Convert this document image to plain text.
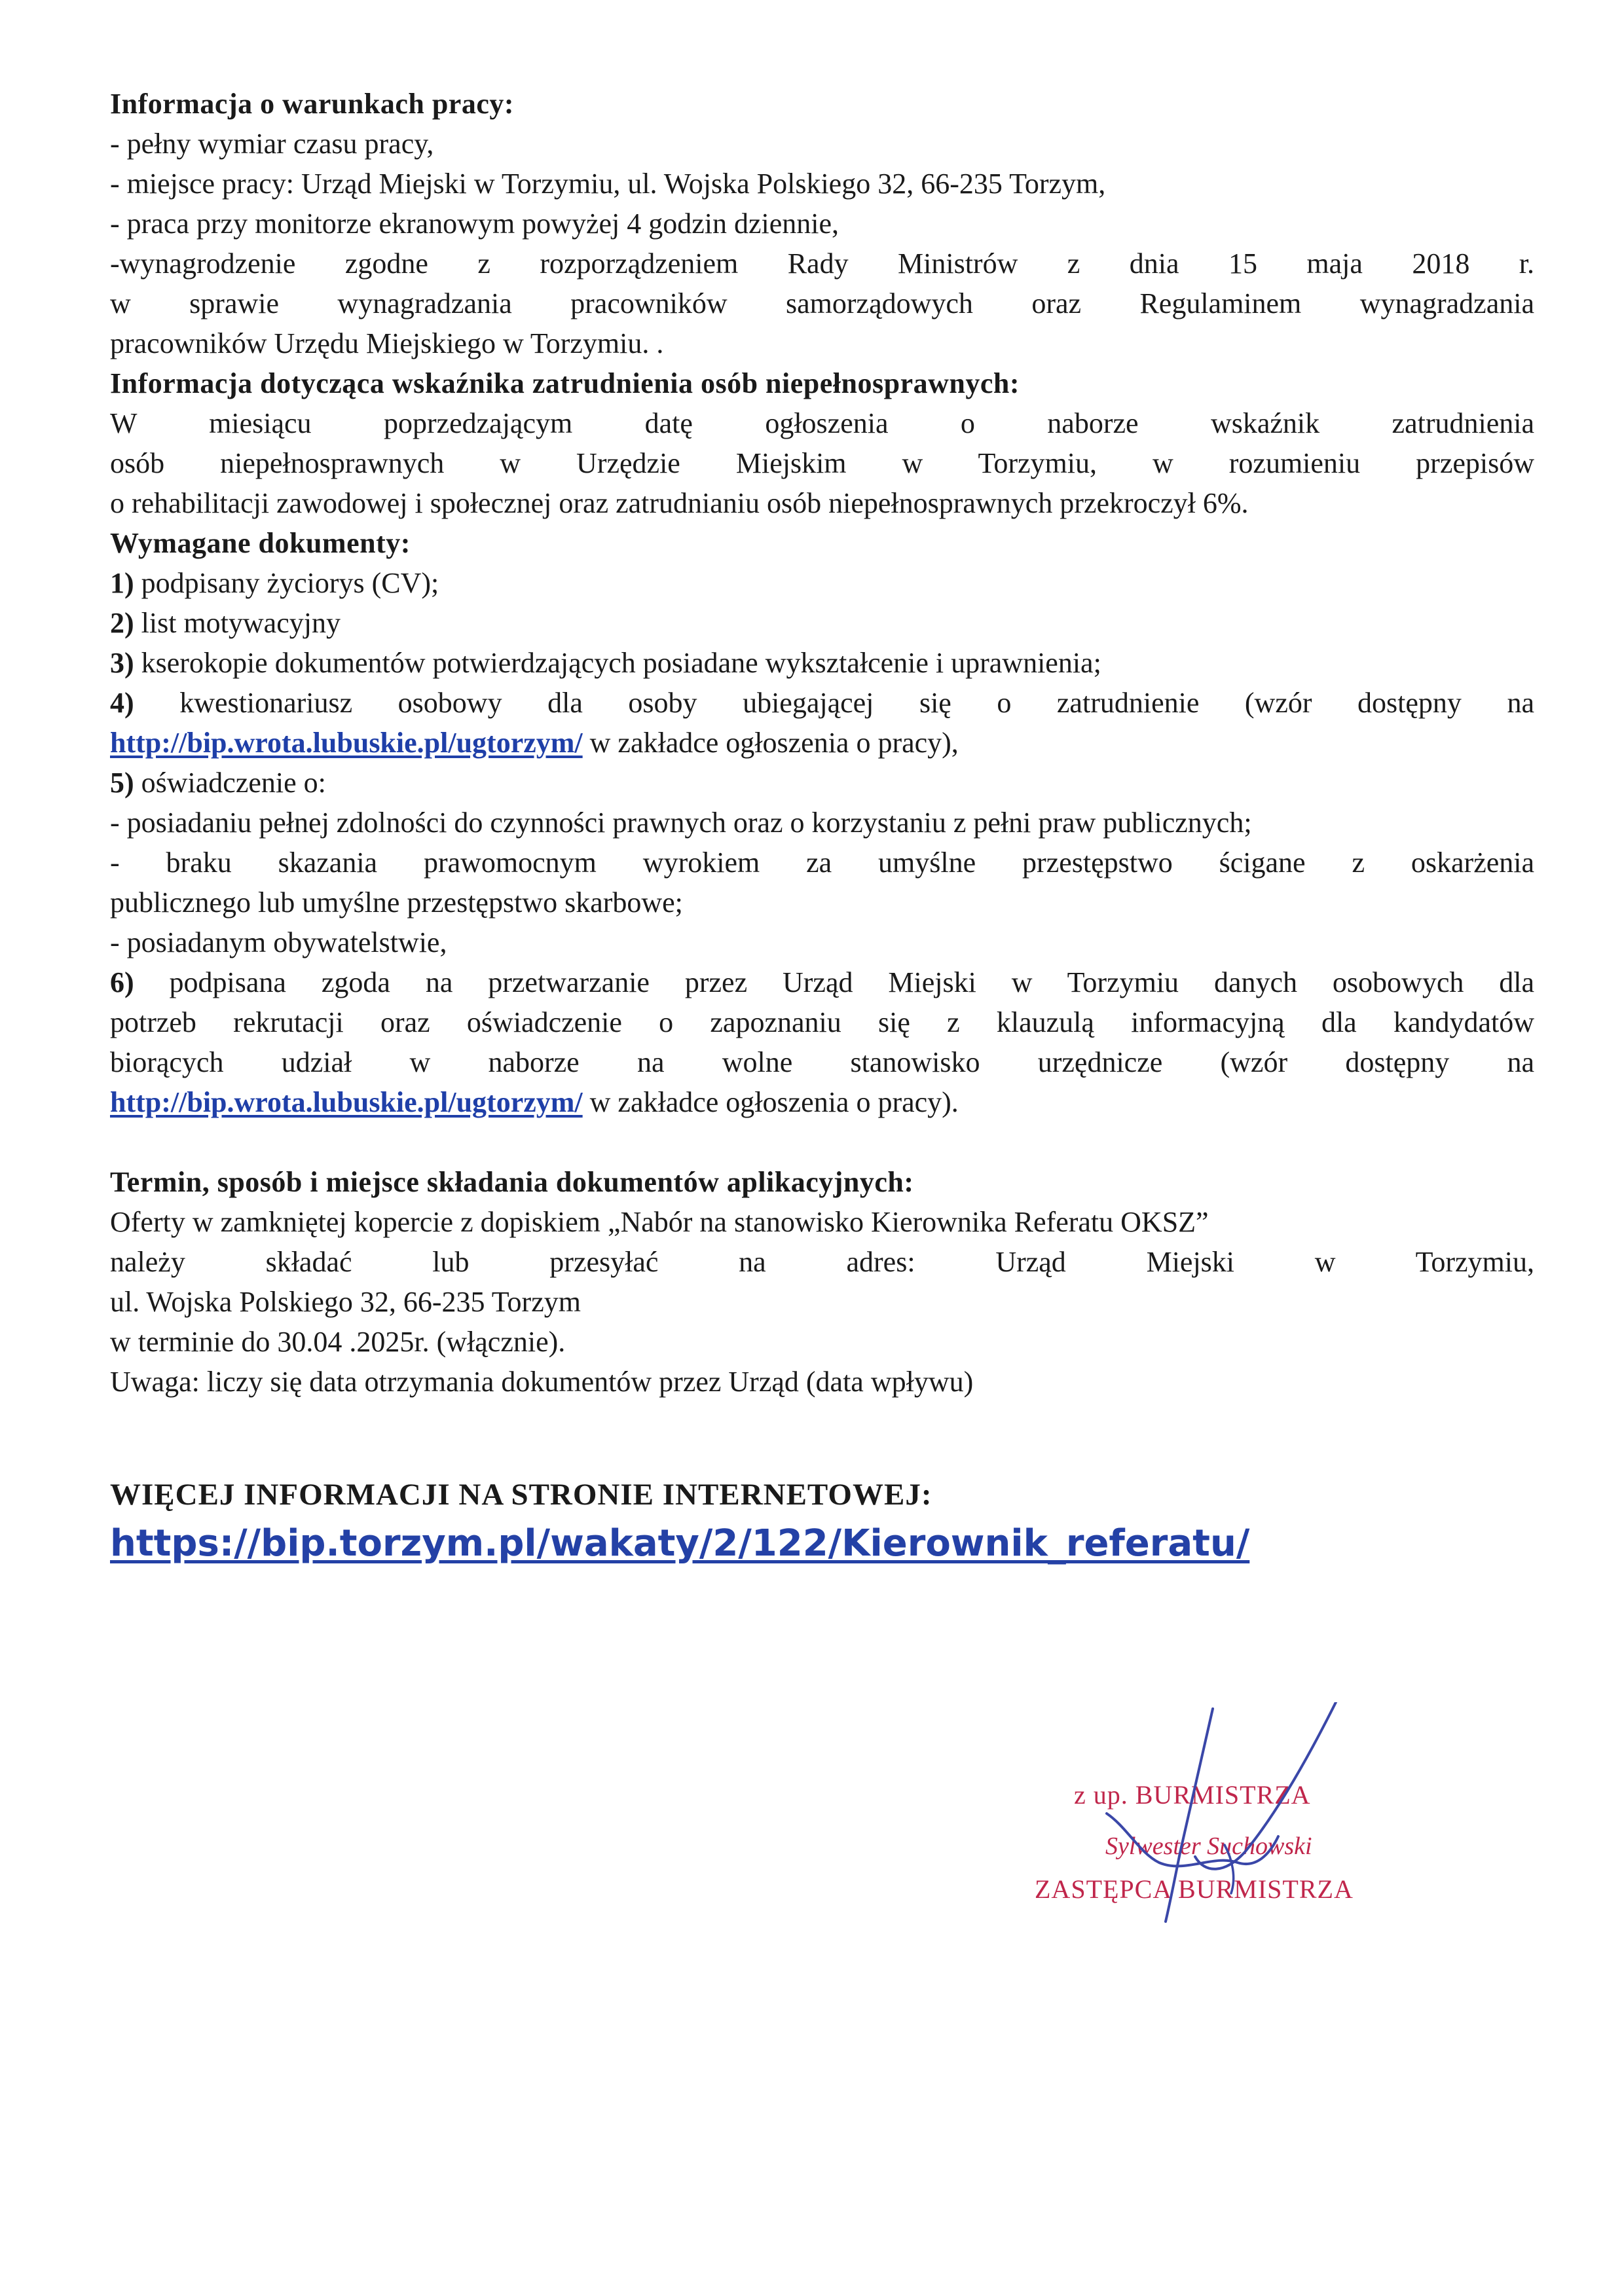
Informacja o warunkach pracy:
- pełny wymiar czasu pracy,
- miejsce pracy: Urząd Miejski w Torzymiu, ul. Wojska Polskiego 32, 66-235 Torzym,
- praca przy monitorze ekranowym powyżej 4 godzin dziennie,
-wynagrodzenie zgodne z rozporządzeniem Rady Ministrów z dnia 15 maja 2018 r.
w sprawie wynagradzania pracowników samorządowych oraz Regulaminem wynagradzania
pracowników Urzędu Miejskiego w Torzymiu. .
Informacja dotycząca wskaźnika zatrudnienia osób niepełnosprawnych:
W miesiącu poprzedzającym datę ogłoszenia o naborze wskaźnik zatrudnienia
osób niepełnosprawnych w Urzędzie Miejskim w Torzymiu, w rozumieniu przepisów
o rehabilitacji zawodowej i społecznej oraz zatrudnianiu osób niepełnosprawnych przekroczył 6%.
Wymagane dokumenty:
1) podpisany życiorys (CV);
2) list motywacyjny
3) kserokopie dokumentów potwierdzających posiadane wykształcenie i uprawnienia;
4) kwestionariusz osobowy dla osoby ubiegającej się o zatrudnienie (wzór dostępny na
http://bip.wrota.lubuskie.pl/ugtorzym/ w zakładce ogłoszenia o pracy),
5) oświadczenie o:
- posiadaniu pełnej zdolności do czynności prawnych oraz o korzystaniu z pełni praw publicznych;
- braku skazania prawomocnym wyrokiem za umyślne przestępstwo ścigane z oskarżenia
publicznego lub umyślne przestępstwo skarbowe;
- posiadanym obywatelstwie,
6) podpisana zgoda na przetwarzanie przez Urząd Miejski w Torzymiu danych osobowych dla
potrzeb rekrutacji oraz oświadczenie o zapoznaniu się z klauzulą informacyjną dla kandydatów
biorących udział w naborze na wolne stanowisko urzędnicze (wzór dostępny na
http://bip.wrota.lubuskie.pl/ugtorzym/ w zakładce ogłoszenia o pracy).
Termin, sposób i miejsce składania dokumentów aplikacyjnych:
Oferty w zamkniętej kopercie z dopiskiem „Nabór na stanowisko Kierownika Referatu OKSZ”
należy składać lub przesyłać na adres: Urząd Miejski w Torzymiu,
ul. Wojska Polskiego 32, 66-235 Torzym
w terminie do 30.04 .2025r. (włącznie).
Uwaga: liczy się data otrzymania dokumentów przez Urząd (data wpływu)
WIĘCEJ INFORMACJI NA STRONIE INTERNETOWEJ:
https://bip.torzym.pl/wakaty/2/122/Kierownik_referatu/
z up. BURMISTRZA
Sylwester Suchowski
ZASTĘPCA BURMISTRZA
